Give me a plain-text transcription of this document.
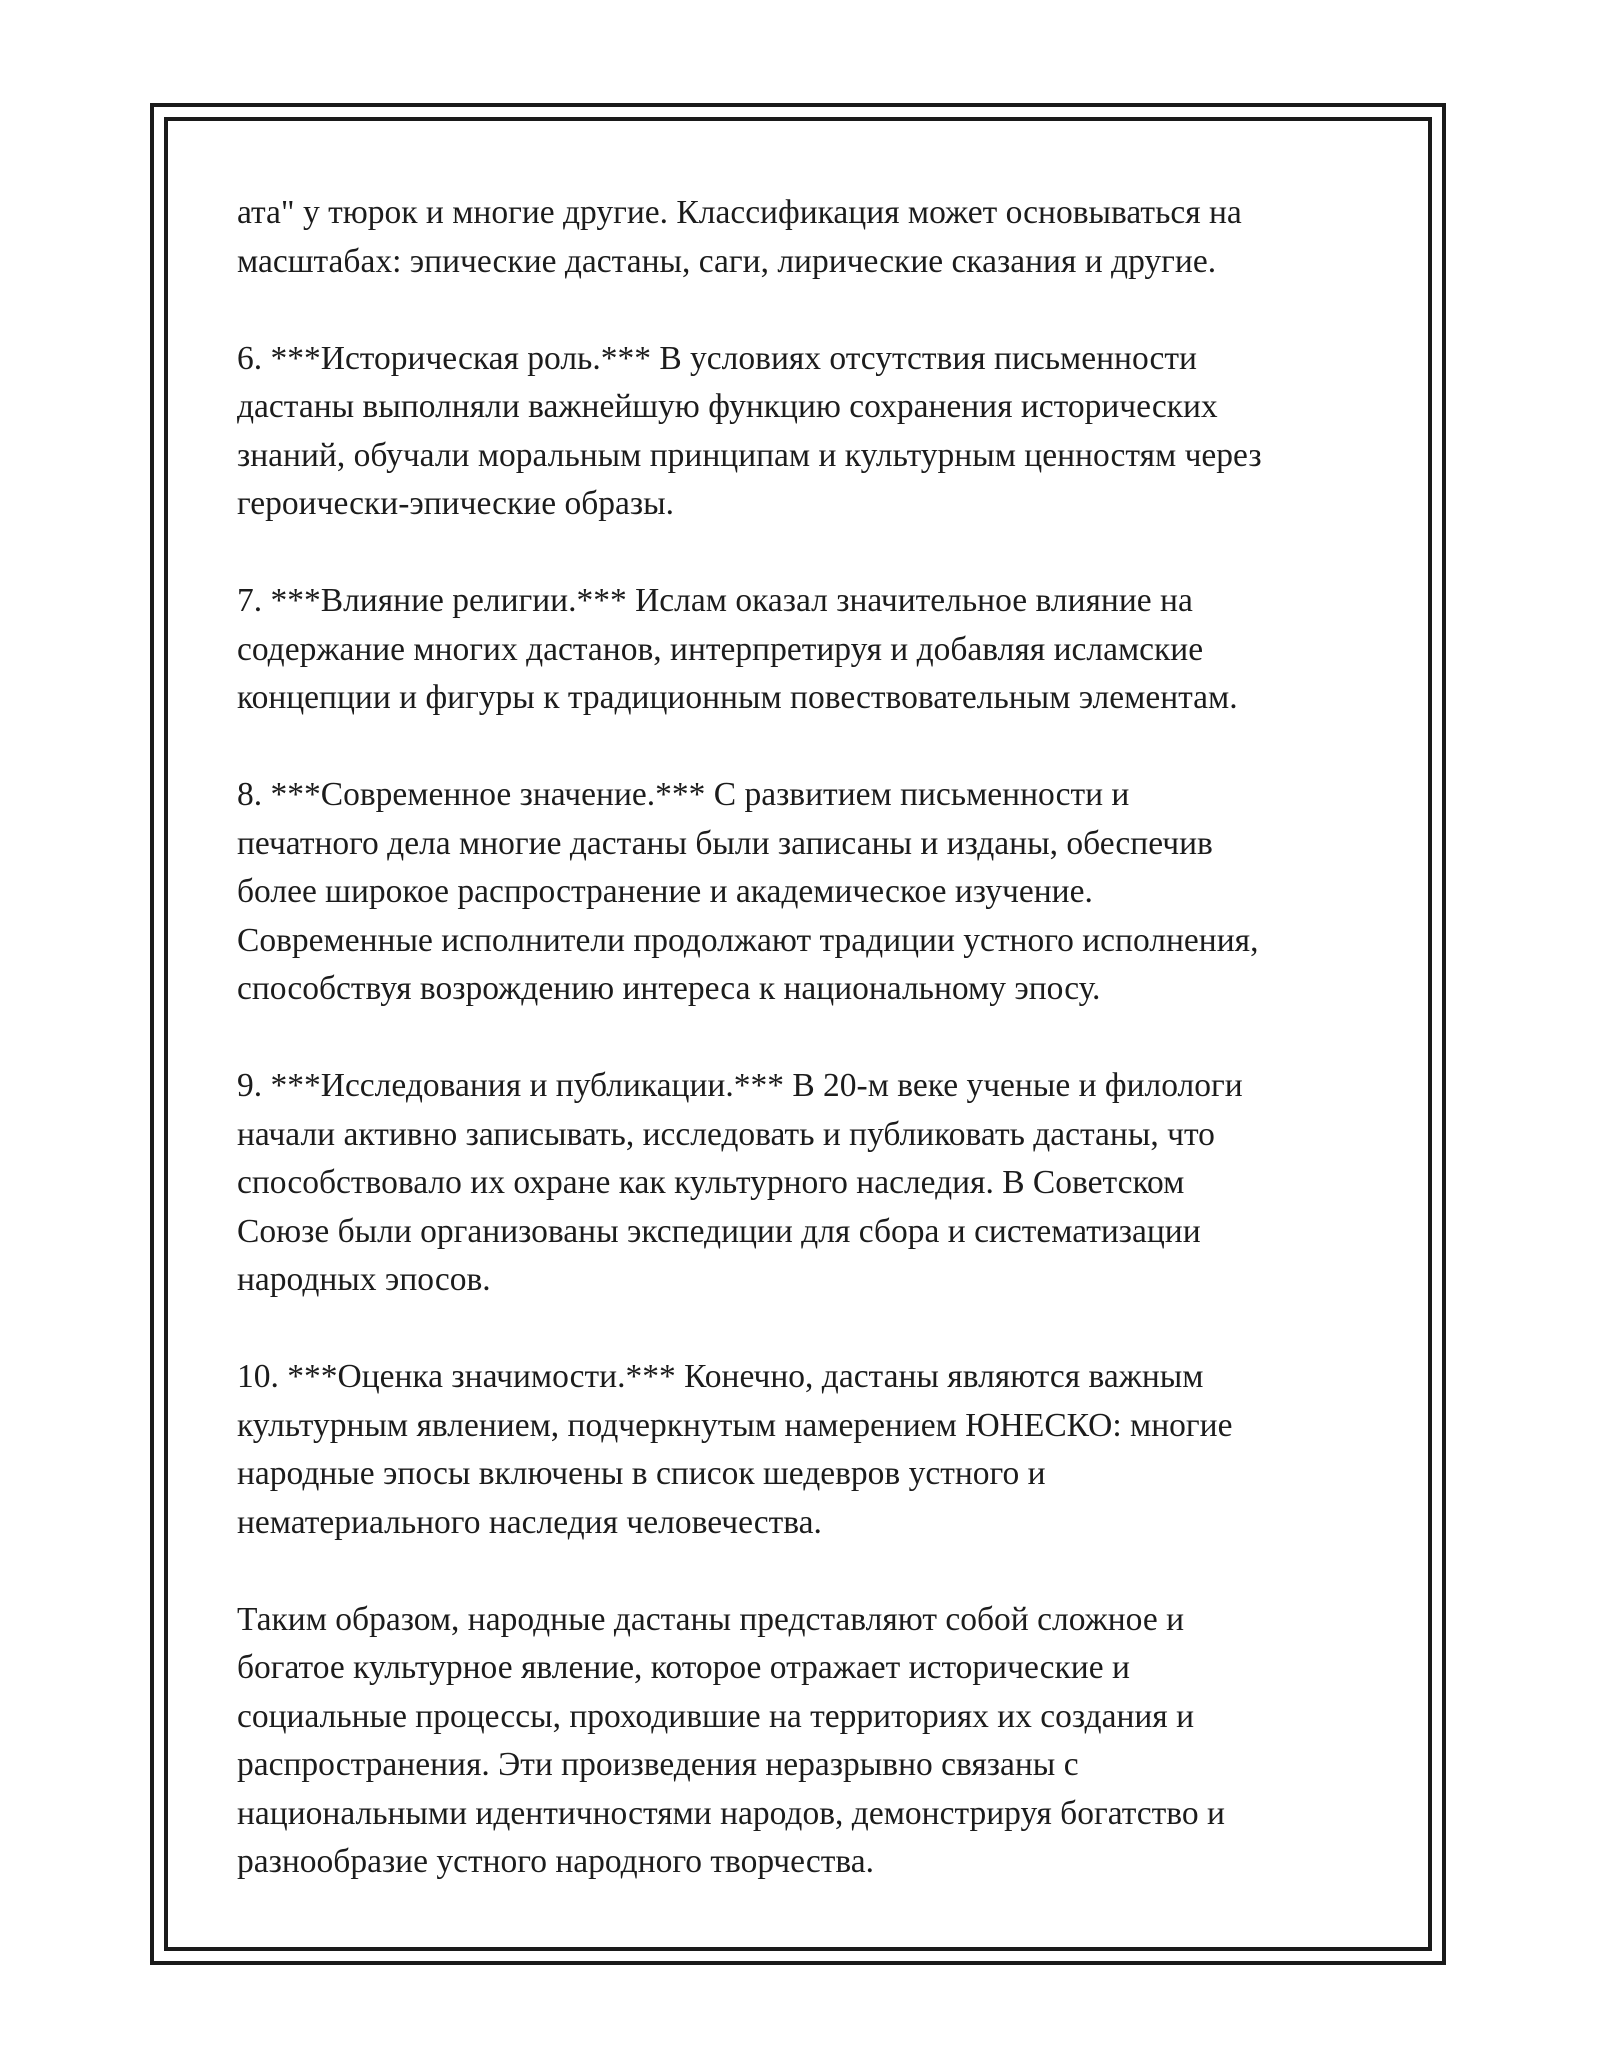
ата" у тюрок и многие другие. Классификация может основываться на
масштабах: эпические дастаны, саги, лирические сказания и другие.

6. ***Историческая роль.*** В условиях отсутствия письменности
дастаны выполняли важнейшую функцию сохранения исторических
знаний, обучали моральным принципам и культурным ценностям через
героически-эпические образы.

7. ***Влияние религии.*** Ислам оказал значительное влияние на
содержание многих дастанов, интерпретируя и добавляя исламские
концепции и фигуры к традиционным повествовательным элементам.

8. ***Современное значение.*** С развитием письменности и
печатного дела многие дастаны были записаны и изданы, обеспечив
более широкое распространение и академическое изучение.
Современные исполнители продолжают традиции устного исполнения,
способствуя возрождению интереса к национальному эпосу.

9. ***Исследования и публикации.*** В 20-м веке ученые и филологи
начали активно записывать, исследовать и публиковать дастаны, что
способствовало их охране как культурного наследия. В Советском
Союзе были организованы экспедиции для сбора и систематизации
народных эпосов.

10. ***Оценка значимости.*** Конечно, дастаны являются важным
культурным явлением, подчеркнутым намерением ЮНЕСКО: многие
народные эпосы включены в список шедевров устного и
нематериального наследия человечества.

Таким образом, народные дастаны представляют собой сложное и
богатое культурное явление, которое отражает исторические и
социальные процессы, проходившие на территориях их создания и
распространения. Эти произведения неразрывно связаны с
национальными идентичностями народов, демонстрируя богатство и
разнообразие устного народного творчества.
